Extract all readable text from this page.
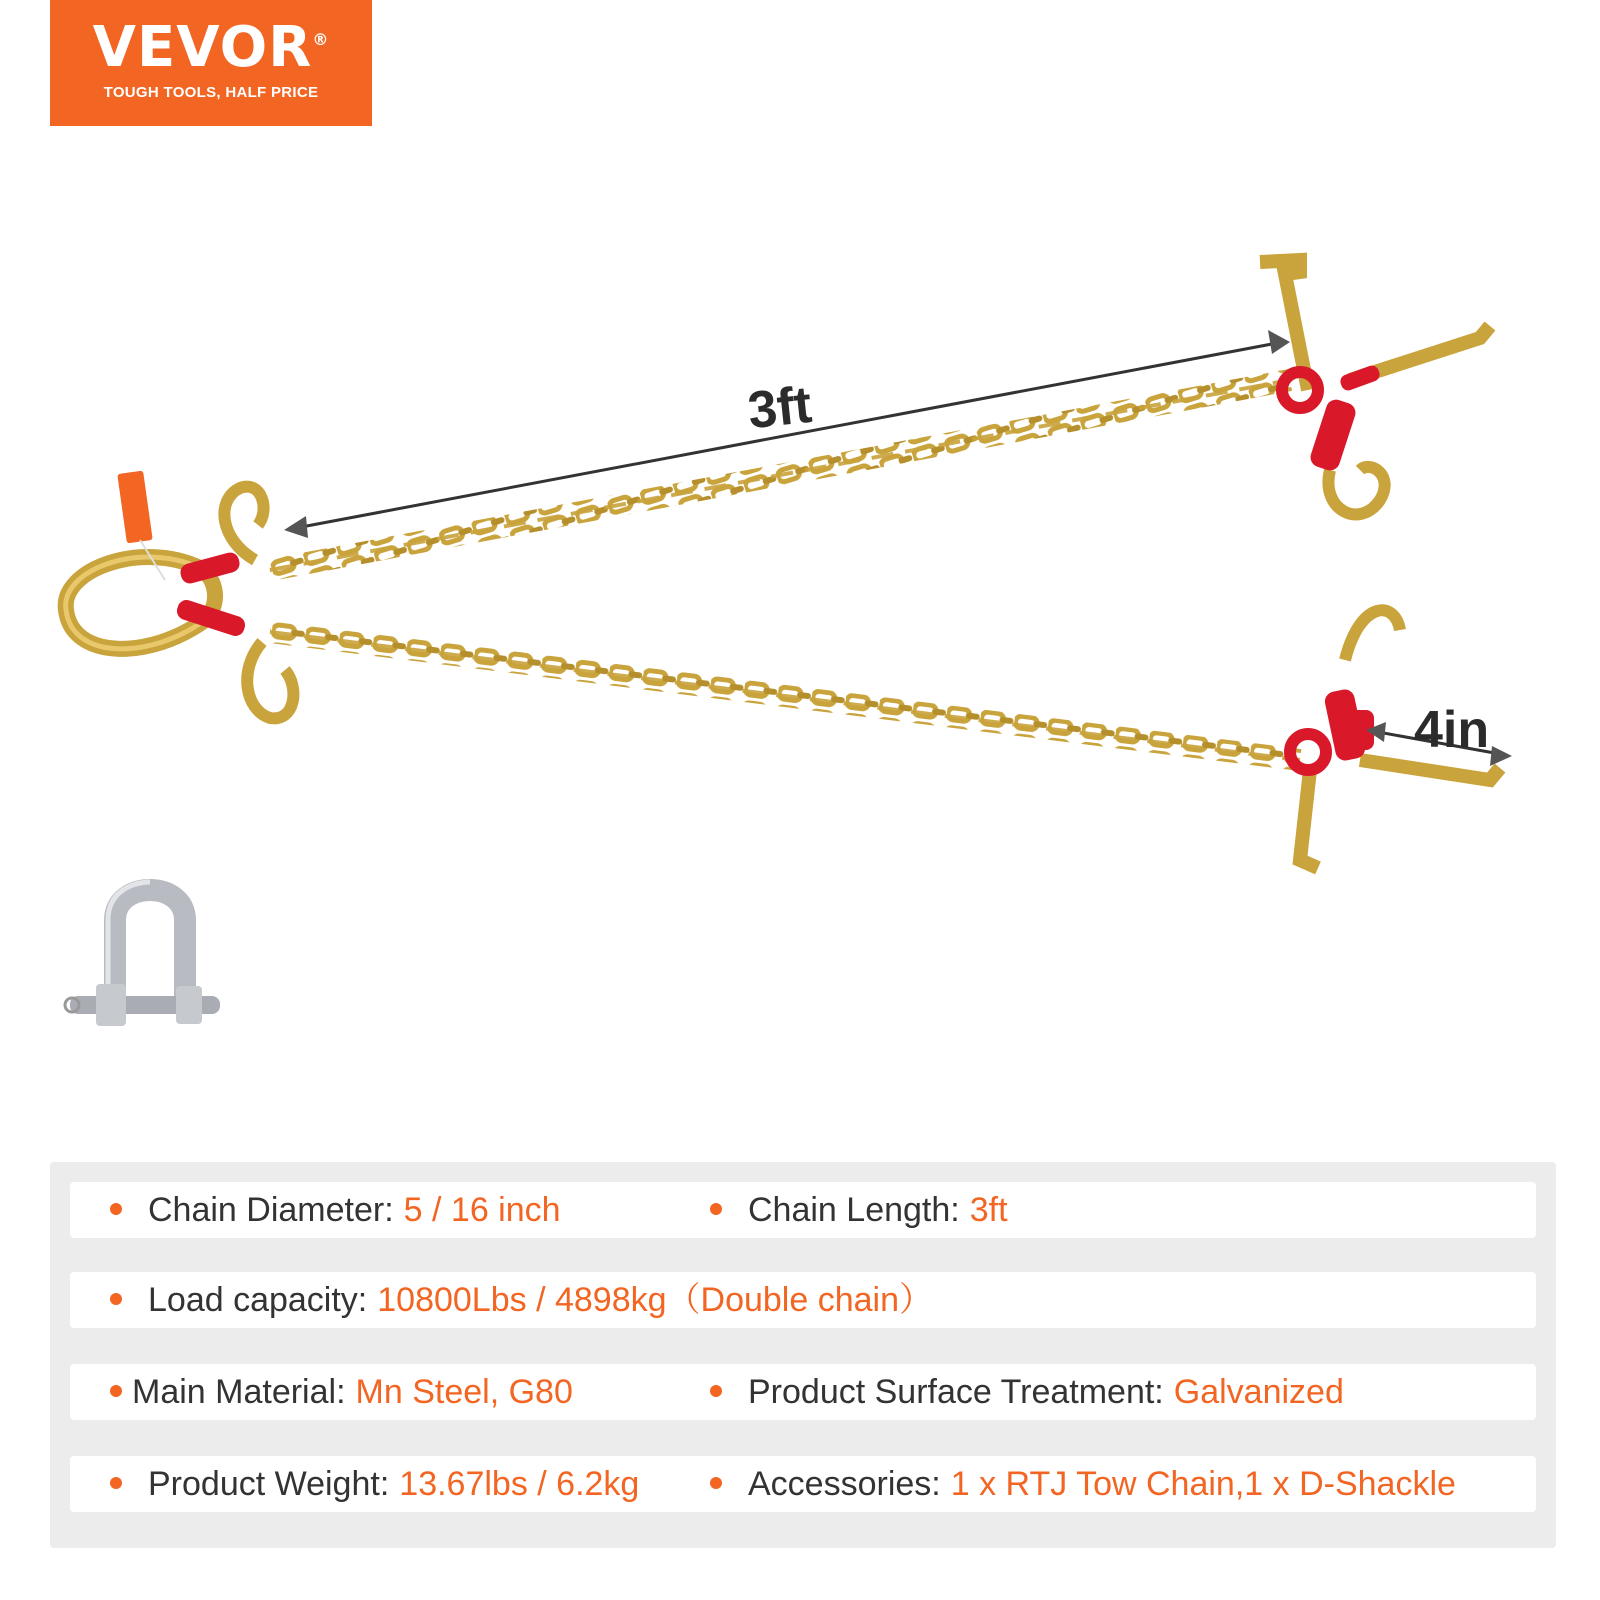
VEVOR®
TOUGH TOOLS, HALF PRICE
3ft
4in
Chain Diameter: 5 / 16 inch	Chain Length: 3ft
Load capacity: 10800Lbs / 4898kg（Double chain）
Main Material: Mn Steel, G80	Product Surface Treatment: Galvanized
Product Weight: 13.67lbs / 6.2kg	Accessories: 1 x RTJ Tow Chain,1 x D-Shackle
